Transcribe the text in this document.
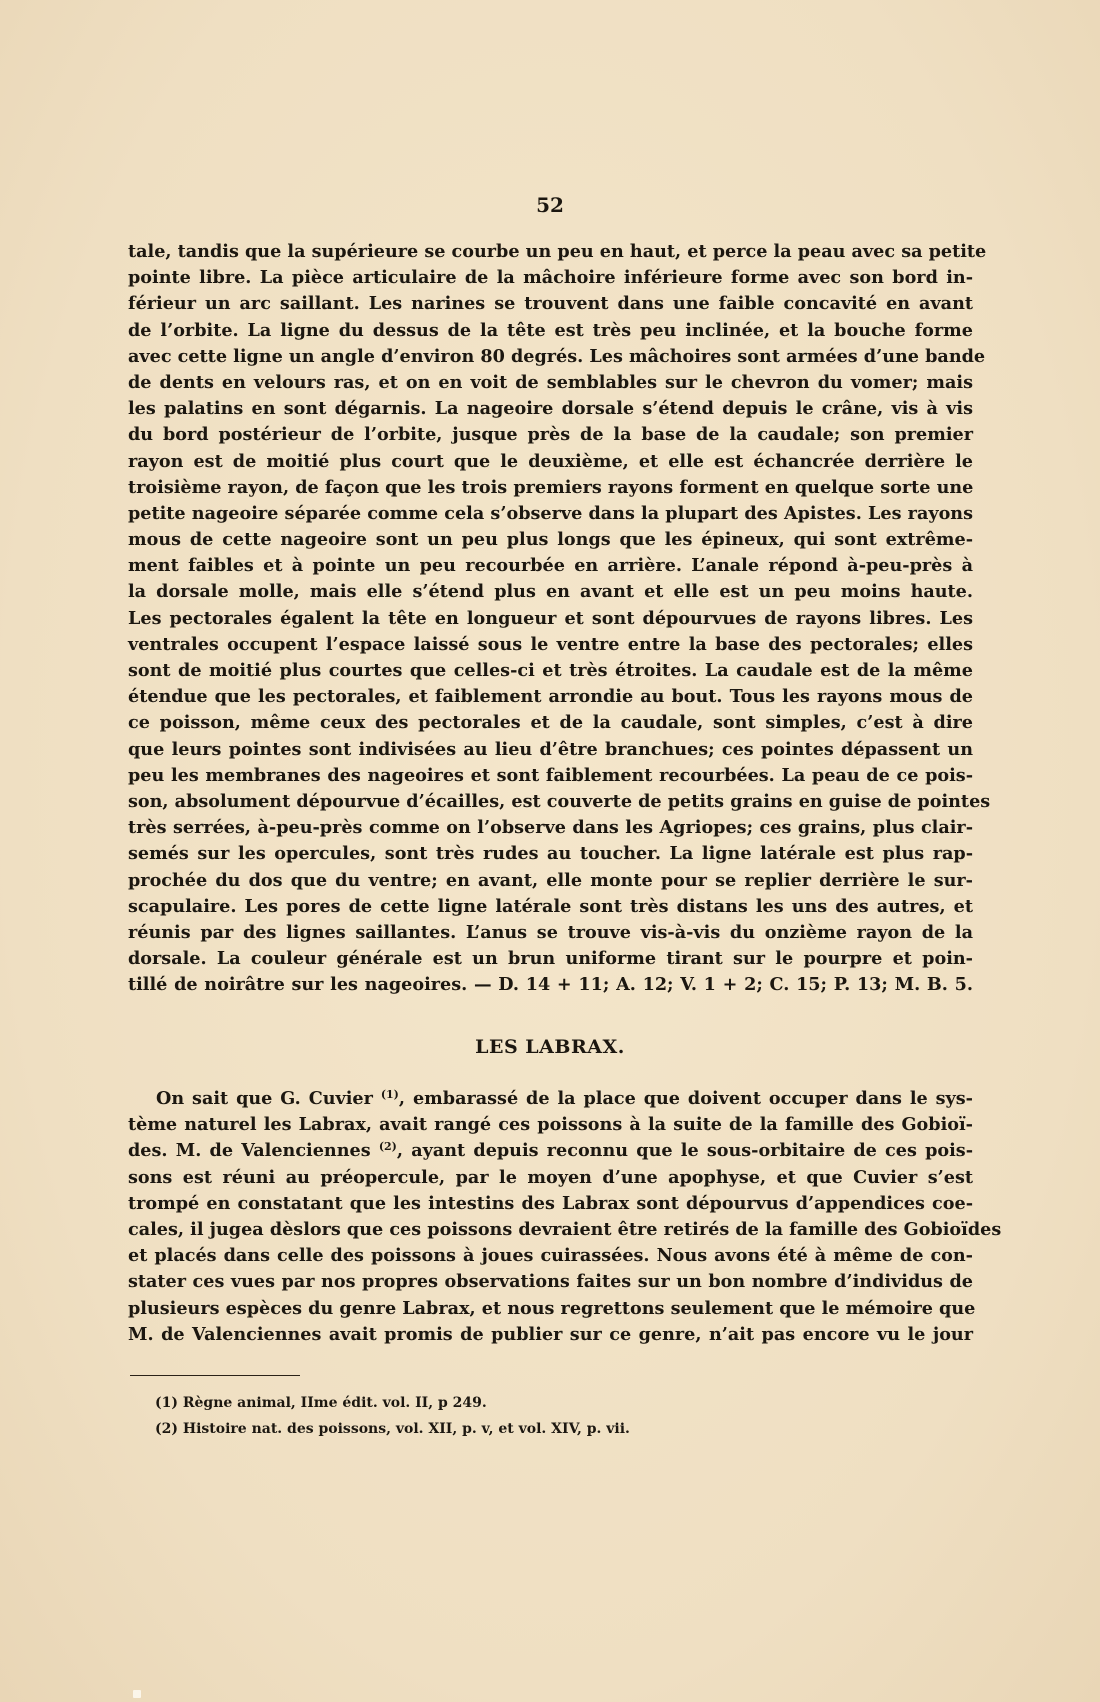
52
tale, tandis que la supérieure se courbe un peu en haut, et perce la peau avec sa petite
pointe libre. La pièce articulaire de la mâchoire inférieure forme avec son bord in-
férieur un arc saillant. Les narines se trouvent dans une faible concavité en avant
de l’orbite. La ligne du dessus de la tête est très peu inclinée, et la bouche forme
avec cette ligne un angle d’environ 80 degrés. Les mâchoires sont armées d’une bande
de dents en velours ras, et on en voit de semblables sur le chevron du vomer; mais
les palatins en sont dégarnis. La nageoire dorsale s’étend depuis le crâne, vis à vis
du bord postérieur de l’orbite, jusque près de la base de la caudale; son premier
rayon est de moitié plus court que le deuxième, et elle est échancrée derrière le
troisième rayon, de façon que les trois premiers rayons forment en quelque sorte une
petite nageoire séparée comme cela s’observe dans la plupart des Apistes. Les rayons
mous de cette nageoire sont un peu plus longs que les épineux, qui sont extrême-
ment faibles et à pointe un peu recourbée en arrière. L’anale répond à-peu-près à
la dorsale molle, mais elle s’étend plus en avant et elle est un peu moins haute.
Les pectorales égalent la tête en longueur et sont dépourvues de rayons libres. Les
ventrales occupent l’espace laissé sous le ventre entre la base des pectorales; elles
sont de moitié plus courtes que celles-ci et très étroites. La caudale est de la même
étendue que les pectorales, et faiblement arrondie au bout. Tous les rayons mous de
ce poisson, même ceux des pectorales et de la caudale, sont simples, c’est à dire
que leurs pointes sont indivisées au lieu d’être branchues; ces pointes dépassent un
peu les membranes des nageoires et sont faiblement recourbées. La peau de ce pois-
son, absolument dépourvue d’écailles, est couverte de petits grains en guise de pointes
très serrées, à-peu-près comme on l’observe dans les Agriopes; ces grains, plus clair-
semés sur les opercules, sont très rudes au toucher. La ligne latérale est plus rap-
prochée du dos que du ventre; en avant, elle monte pour se replier derrière le sur-
scapulaire. Les pores de cette ligne latérale sont très distans les uns des autres, et
réunis par des lignes saillantes. L’anus se trouve vis-à-vis du onzième rayon de la
dorsale. La couleur générale est un brun uniforme tirant sur le pourpre et poin-
tillé de noirâtre sur les nageoires. — D. 14 + 11; A. 12; V. 1 + 2; C. 15; P. 13; M. B. 5.
LES LABRAX.
On sait que G. Cuvier $^{(1)}$, embarassé de la place que doivent occuper dans le sys-
tème naturel les Labrax, avait rangé ces poissons à la suite de la famille des Gobioï-
des. M. de Valenciennes $^{(2)}$, ayant depuis reconnu que le sous-orbitaire de ces pois-
sons est réuni au préopercule, par le moyen d’une apophyse, et que Cuvier s’est
trompé en constatant que les intestins des Labrax sont dépourvus d’appendices coe-
cales, il jugea dèslors que ces poissons devraient être retirés de la famille des Gobioïdes
et placés dans celle des poissons à joues cuirassées. Nous avons été à même de con-
stater ces vues par nos propres observations faites sur un bon nombre d’individus de
plusieurs espèces du genre Labrax, et nous regrettons seulement que le mémoire que
M. de Valenciennes avait promis de publier sur ce genre, n’ait pas encore vu le jour
(1) Règne animal, IIme édit. vol. II, p 249.
(2) Histoire nat. des poissons, vol. XII, p. v, et vol. XIV, p. vii.
